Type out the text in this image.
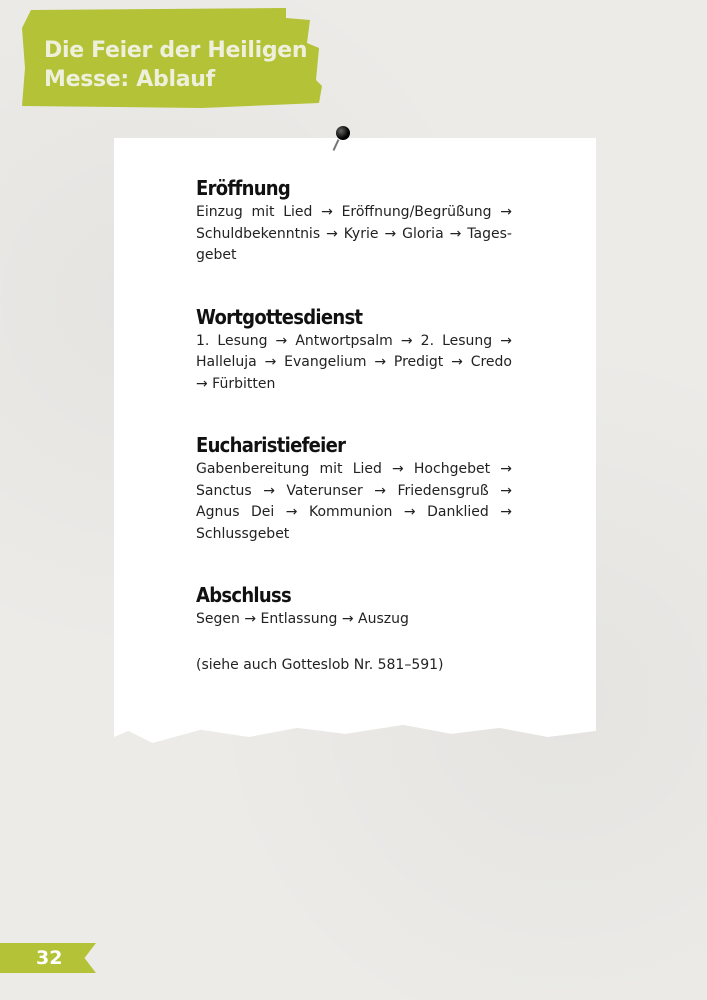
Die Feier der Heiligen
Messe: Ablauf
Eröffnung
Einzug mit Lied → Eröffnung/Begrüßung →
Schuldbekenntnis → Kyrie → Gloria → Tages-
gebet
Wortgottesdienst
1. Lesung → Antwortpsalm → 2. Lesung →
Halleluja → Evangelium → Predigt → Credo
→ Fürbitten
Eucharistiefeier
Gabenbereitung mit Lied → Hochgebet →
Sanctus → Vaterunser → Friedensgruß →
Agnus Dei → Kommunion → Danklied →
Schlussgebet
Abschluss
Segen → Entlassung → Auszug
(siehe auch Gotteslob Nr. 581–591)
32
